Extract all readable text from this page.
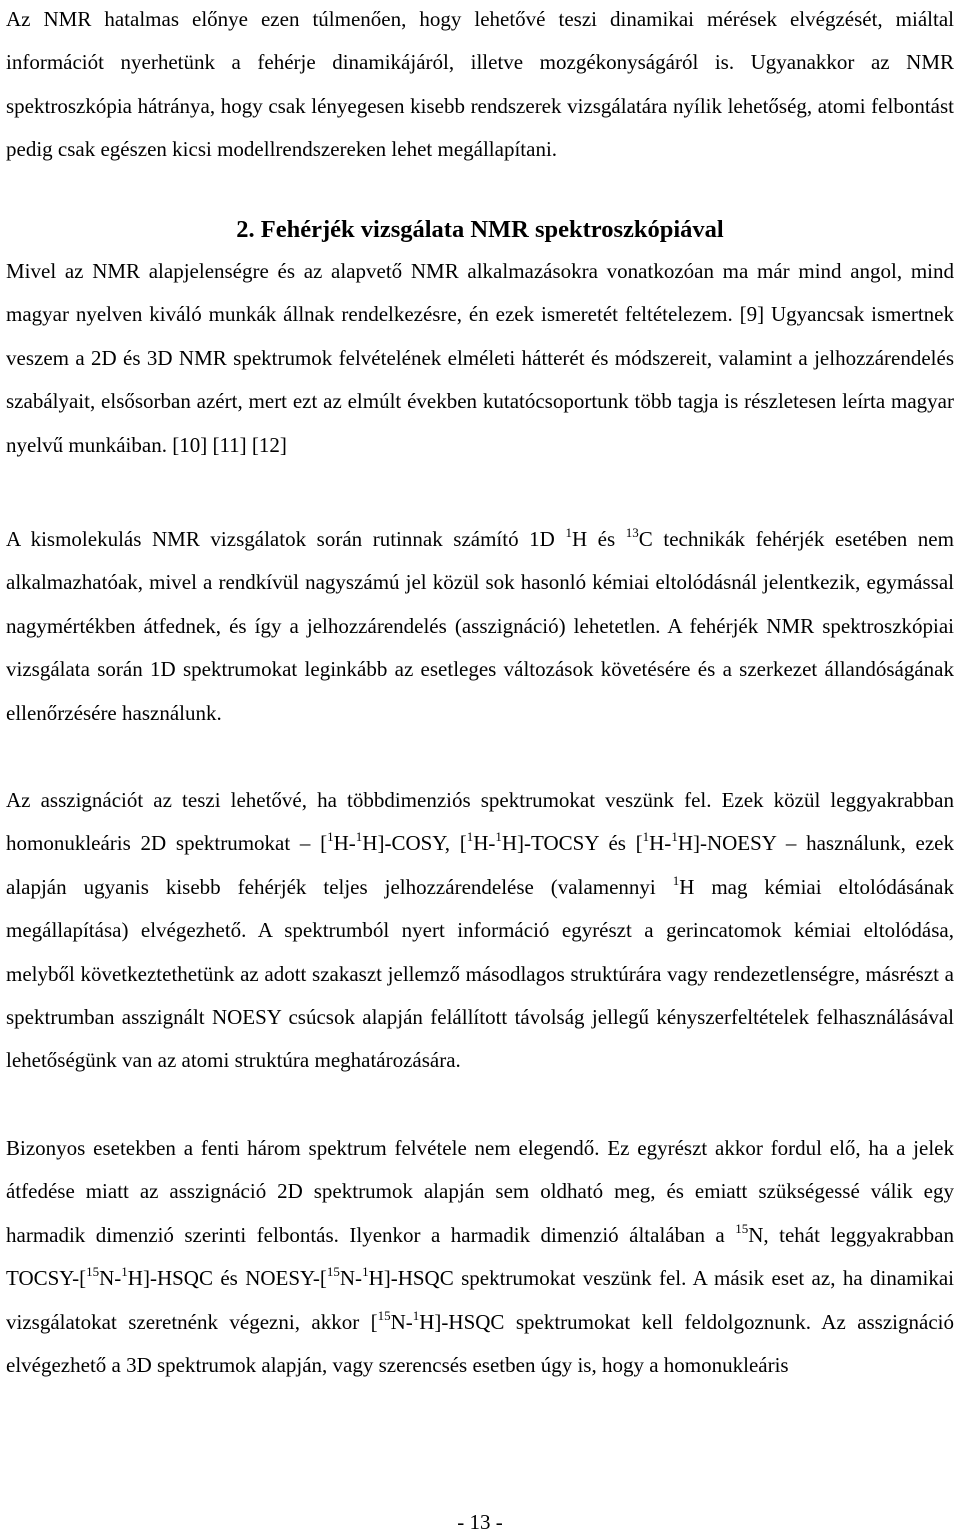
Az NMR hatalmas előnye ezen túlmenően, hogy lehetővé teszi dinamikai mérések elvégzését, miáltal információt nyerhetünk a fehérje dinamikájáról, illetve mozgékonyságáról is. Ugyanakkor az NMR spektroszkópia hátránya, hogy csak lényegesen kisebb rendszerek vizsgálatára nyílik lehetőség, atomi felbontást pedig csak egészen kicsi modellrendszereken lehet megállapítani.

2. Fehérjék vizsgálata NMR spektroszkópiával

Mivel az NMR alapjelenségre és az alapvető NMR alkalmazásokra vonatkozóan ma már mind angol, mind magyar nyelven kiváló munkák állnak rendelkezésre, én ezek ismeretét feltételezem. [9] Ugyancsak ismertnek veszem a 2D és 3D NMR spektrumok felvételének elméleti hátterét és módszereit, valamint a jelhozzárendelés szabályait, elsősorban azért, mert ezt az elmúlt években kutatócsoportunk több tagja is részletesen leírta magyar nyelvű munkáiban. [10] [11] [12]

A kismolekulás NMR vizsgálatok során rutinnak számító 1D $^1$H és $^{13}$C technikák fehérjék esetében nem alkalmazhatóak, mivel a rendkívül nagyszámú jel közül sok hasonló kémiai eltolódásnál jelentkezik, egymással nagymértékben átfednek, és így a jelhozzárendelés (asszignáció) lehetetlen. A fehérjék NMR spektroszkópiai vizsgálata során 1D spektrumokat leginkább az esetleges változások követésére és a szerkezet állandóságának ellenőrzésére használunk.

Az asszignációt az teszi lehetővé, ha többdimenziós spektrumokat veszünk fel. Ezek közül leggyakrabban homonukleáris 2D spektrumokat – [$^1$H-$^1$H]-COSY, [$^1$H-$^1$H]-TOCSY és [$^1$H-$^1$H]-NOESY – használunk, ezek alapján ugyanis kisebb fehérjék teljes jelhozzárendelése (valamennyi $^1$H mag kémiai eltolódásának megállapítása) elvégezhető. A spektrumból nyert információ egyrészt a gerincatomok kémiai eltolódása, melyből következtethetünk az adott szakaszt jellemző másodlagos struktúrára vagy rendezetlenségre, másrészt a spektrumban asszignált NOESY csúcsok alapján felállított távolság jellegű kényszerfeltételek felhasználásával lehetőségünk van az atomi struktúra meghatározására.

Bizonyos esetekben a fenti három spektrum felvétele nem elegendő. Ez egyrészt akkor fordul elő, ha a jelek átfedése miatt az asszignáció 2D spektrumok alapján sem oldható meg, és emiatt szükségessé válik egy harmadik dimenzió szerinti felbontás. Ilyenkor a harmadik dimenzió általában a $^{15}$N, tehát leggyakrabban TOCSY-[$^{15}$N-$^1$H]-HSQC és NOESY-[$^{15}$N-$^1$H]-HSQC spektrumokat veszünk fel. A másik eset az, ha dinamikai vizsgálatokat szeretnénk végezni, akkor [$^{15}$N-$^1$H]-HSQC spektrumokat kell feldolgoznunk. Az asszignáció elvégezhető a 3D spektrumok alapján, vagy szerencsés esetben úgy is, hogy a homonukleáris

- 13 -
